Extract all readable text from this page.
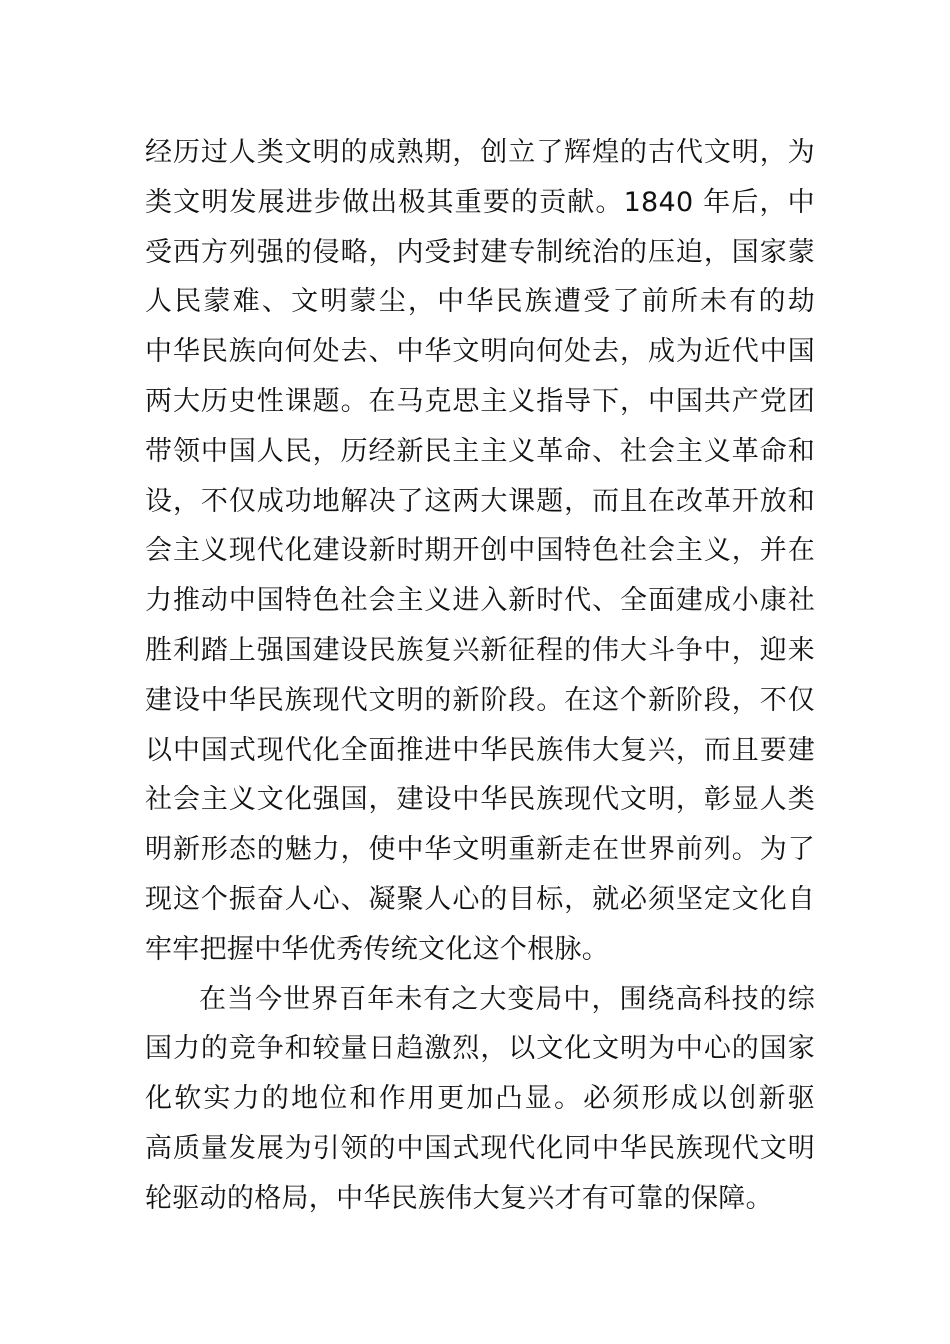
经历过人类文明的成熟期，创立了辉煌的古代文明，为
类文明发展进步做出极其重要的贡献。1840 年后，中
受西方列强的侵略，内受封建专制统治的压迫，国家蒙
人民蒙难、文明蒙尘，中华民族遭受了前所未有的劫
中华民族向何处去、中华文明向何处去，成为近代中国
两大历史性课题。在马克思主义指导下，中国共产党团
带领中国人民，历经新民主主义革命、社会主义革命和
设，不仅成功地解决了这两大课题，而且在改革开放和
会主义现代化建设新时期开创中国特色社会主义，并在
力推动中国特色社会主义进入新时代、全面建成小康社
胜利踏上强国建设民族复兴新征程的伟大斗争中，迎来
建设中华民族现代文明的新阶段。在这个新阶段，不仅
以中国式现代化全面推进中华民族伟大复兴，而且要建
社会主义文化强国，建设中华民族现代文明，彰显人类
明新形态的魅力，使中华文明重新走在世界前列。为了
现这个振奋人心、凝聚人心的目标，就必须坚定文化自
牢牢把握中华优秀传统文化这个根脉。
在当今世界百年未有之大变局中，围绕高科技的综
国力的竞争和较量日趋激烈，以文化文明为中心的国家
化软实力的地位和作用更加凸显。必须形成以创新驱
高质量发展为引领的中国式现代化同中华民族现代文明
轮驱动的格局，中华民族伟大复兴才有可靠的保障。
